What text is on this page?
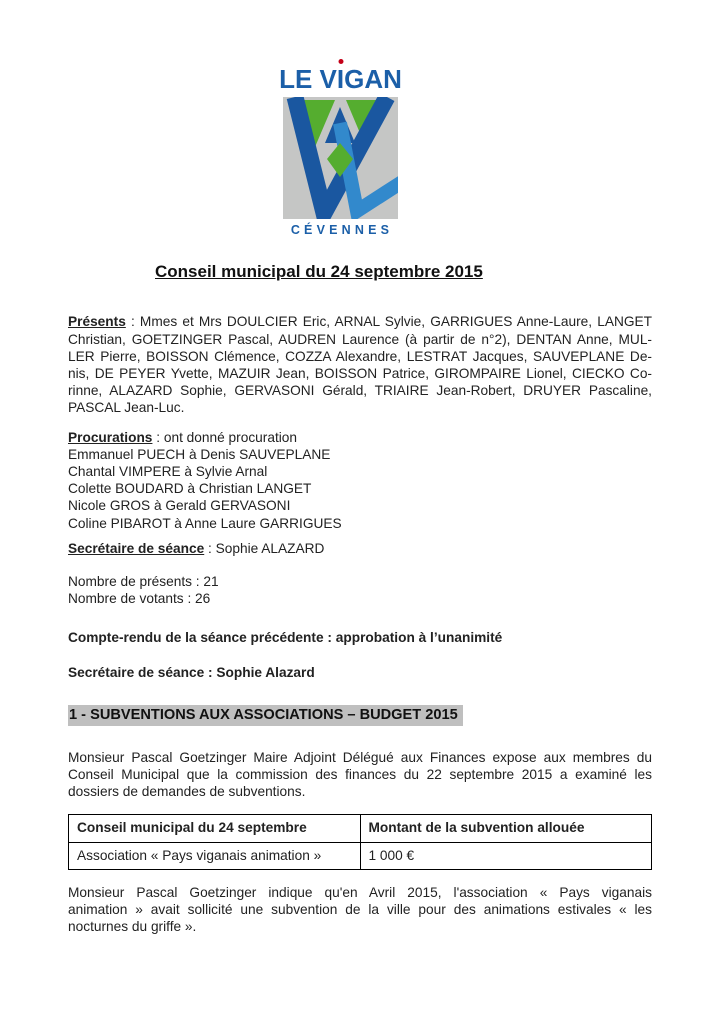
LE VIGAN
CÉVENNES
Conseil municipal du 24 septembre 2015
Présents : Mmes et Mrs DOULCIER Eric, ARNAL Sylvie, GARRIGUES Anne-Laure, LANGET
Christian, GOETZINGER Pascal, AUDREN Laurence (à partir de n°2), DENTAN Anne, MUL-
LER Pierre, BOISSON Clémence, COZZA Alexandre, LESTRAT Jacques, SAUVEPLANE De-
nis, DE PEYER Yvette, MAZUIR Jean, BOISSON Patrice, GIROMPAIRE Lionel, CIECKO Co-
rinne, ALAZARD Sophie, GERVASONI Gérald, TRIAIRE Jean-Robert, DRUYER Pascaline,
PASCAL Jean-Luc.
Procurations : ont donné procuration
Emmanuel PUECH à Denis SAUVEPLANE
Chantal VIMPERE à Sylvie Arnal
Colette BOUDARD à Christian LANGET
Nicole GROS à Gerald GERVASONI
Coline PIBAROT à Anne Laure GARRIGUES
Secrétaire de séance : Sophie ALAZARD
Nombre de présents : 21
Nombre de votants : 26
Compte-rendu de la séance précédente : approbation à l’unanimité
Secrétaire de séance : Sophie Alazard
1 - SUBVENTIONS AUX ASSOCIATIONS – BUDGET 2015
Monsieur Pascal Goetzinger Maire Adjoint Délégué aux Finances expose aux membres du
Conseil Municipal que la commission des finances du 22 septembre 2015 a examiné les
dossiers de demandes de subventions.
Conseil municipal du 24 septembre	Montant de la subvention allouée
Association « Pays viganais animation »	1 000 €
Monsieur Pascal Goetzinger indique qu'en Avril 2015, l'association « Pays viganais
animation » avait sollicité une subvention de la ville pour des animations estivales « les
nocturnes du griffe ».
